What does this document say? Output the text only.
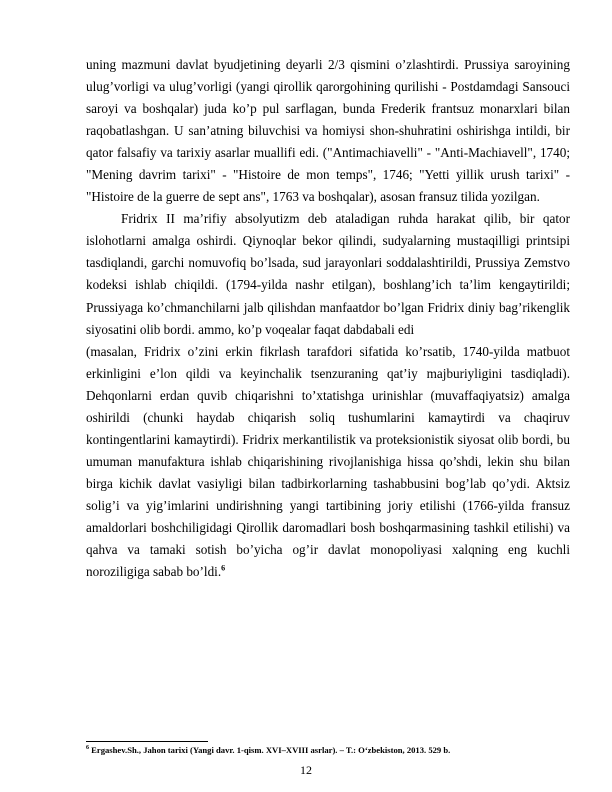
uning mazmuni davlat byudjetining deyarli 2/3 qismini o’zlashtirdi. Prussiya saroyining ulug’vorligi va ulug’vorligi (yangi qirollik qarorgohining qurilishi - Postdamdagi Sansouci saroyi va boshqalar) juda ko’p pul sarflagan, bunda Frederik frantsuz monarxlari bilan raqobatlashgan. U san’atning biluvchisi va homiysi shon-shuhratini oshirishga intildi, bir qator falsafiy va tarixiy asarlar muallifi edi. ("Antimachiavelli" - "Anti-Machiavell", 1740; "Mening davrim tarixi" - "Histoire de mon temps", 1746; "Yetti yillik urush tarixi" - "Histoire de la guerre de sept ans", 1763 va boshqalar), asosan fransuz tilida yozilgan.

Fridrix II ma’rifiy absolyutizm deb ataladigan ruhda harakat qilib, bir qator islohotlarni amalga oshirdi. Qiynoqlar bekor qilindi, sudyalarning mustaqilligi printsipi tasdiqlandi, garchi nomuvofiq bo’lsada, sud jarayonlari soddalashtirildi, Prussiya Zemstvo kodeksi ishlab chiqildi. (1794-yilda nashr etilgan), boshlang’ich ta’lim kengaytirildi; Prussiyaga ko’chmanchilarni jalb qilishdan manfaatdor bo’lgan Fridrix diniy bag’rikenglik siyosatini olib bordi. ammo, ko’p voqealar faqat dabdabali edi

(masalan, Fridrix o’zini erkin fikrlash tarafdori sifatida ko’rsatib, 1740-yilda matbuot erkinligini e’lon qildi va keyinchalik tsenzuraning qat’iy majburiyligini tasdiqladi). Dehqonlarni erdan quvib chiqarishni to’xtatishga urinishlar (muvaffaqiyatsiz) amalga oshirildi (chunki haydab chiqarish soliq tushumlarini kamaytirdi va chaqiruv kontingentlarini kamaytirdi). Fridrix merkantilistik va proteksionistik siyosat olib bordi, bu umuman manufaktura ishlab chiqarishining rivojlanishiga hissa qo’shdi, lekin shu bilan birga kichik davlat vasiyligi bilan tadbirkorlarning tashabbusini bog’lab qo’ydi. Aktsiz solig’i va yig’imlarini undirishning yangi tartibining joriy etilishi (1766-yilda fransuz amaldorlari boshchiligidagi Qirollik daromadlari bosh boshqarmasining tashkil etilishi) va qahva va tamaki sotish bo’yicha og’ir davlat monopoliyasi xalqning eng kuchli noroziligiga sabab bo’ldi.$^6$

$^6$ Ergashev.Sh., Jahon tarixi (Yangi davr. 1-qism. XVI–XVIII asrlar). – T.: O‘zbekiston, 2013. 529 b.
12
